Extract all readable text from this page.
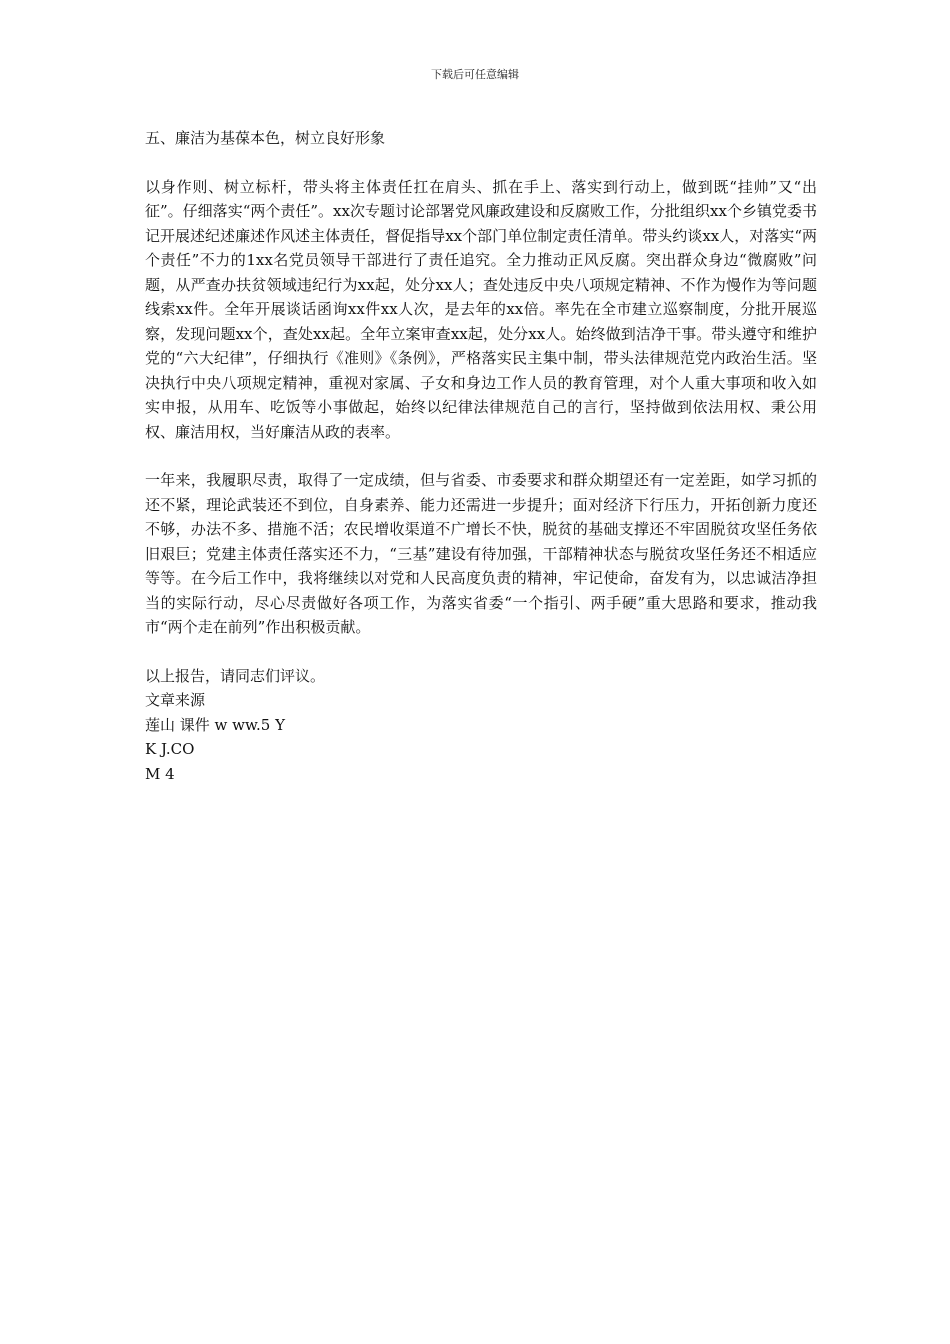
下载后可任意编辑

五、廉洁为基葆本色，树立良好形象

以身作则、树立标杆，带头将主体责任扛在肩头、抓在手上、落实到行动上，做到既“挂帅”又“出征”。仔细落实“两个责任”。xx次专题讨论部署党风廉政建设和反腐败工作，分批组织xx个乡镇党委书记开展述纪述廉述作风述主体责任，督促指导xx个部门单位制定责任清单。带头约谈xx人，对落实“两个责任”不力的1xx名党员领导干部进行了责任追究。全力推动正风反腐。突出群众身边“微腐败”问题，从严查办扶贫领域违纪行为xx起，处分xx人；查处违反中央八项规定精神、不作为慢作为等问题线索xx件。全年开展谈话函询xx件xx人次，是去年的xx倍。率先在全市建立巡察制度，分批开展巡察，发现问题xx个，查处xx起。全年立案审查xx起，处分xx人。始终做到洁净干事。带头遵守和维护党的“六大纪律”，仔细执行《准则》《条例》，严格落实民主集中制，带头法律规范党内政治生活。坚决执行中央八项规定精神，重视对家属、子女和身边工作人员的教育管理，对个人重大事项和收入如实申报，从用车、吃饭等小事做起，始终以纪律法律规范自己的言行，坚持做到依法用权、秉公用权、廉洁用权，当好廉洁从政的表率。

一年来，我履职尽责，取得了一定成绩，但与省委、市委要求和群众期望还有一定差距，如学习抓的还不紧，理论武装还不到位，自身素养、能力还需进一步提升；面对经济下行压力，开拓创新力度还不够，办法不多、措施不活；农民增收渠道不广增长不快，脱贫的基础支撑还不牢固脱贫攻坚任务依旧艰巨；党建主体责任落实还不力，“三基”建设有待加强，干部精神状态与脱贫攻坚任务还不相适应等等。在今后工作中，我将继续以对党和人民高度负责的精神，牢记使命，奋发有为，以忠诚洁净担当的实际行动，尽心尽责做好各项工作，为落实省委“一个指引、两手硬”重大思路和要求，推动我市“两个走在前列”作出积极贡献。

以上报告，请同志们评议。

文章来源

莲山 课件 w ww.5 Y

K J.CO

M 4
